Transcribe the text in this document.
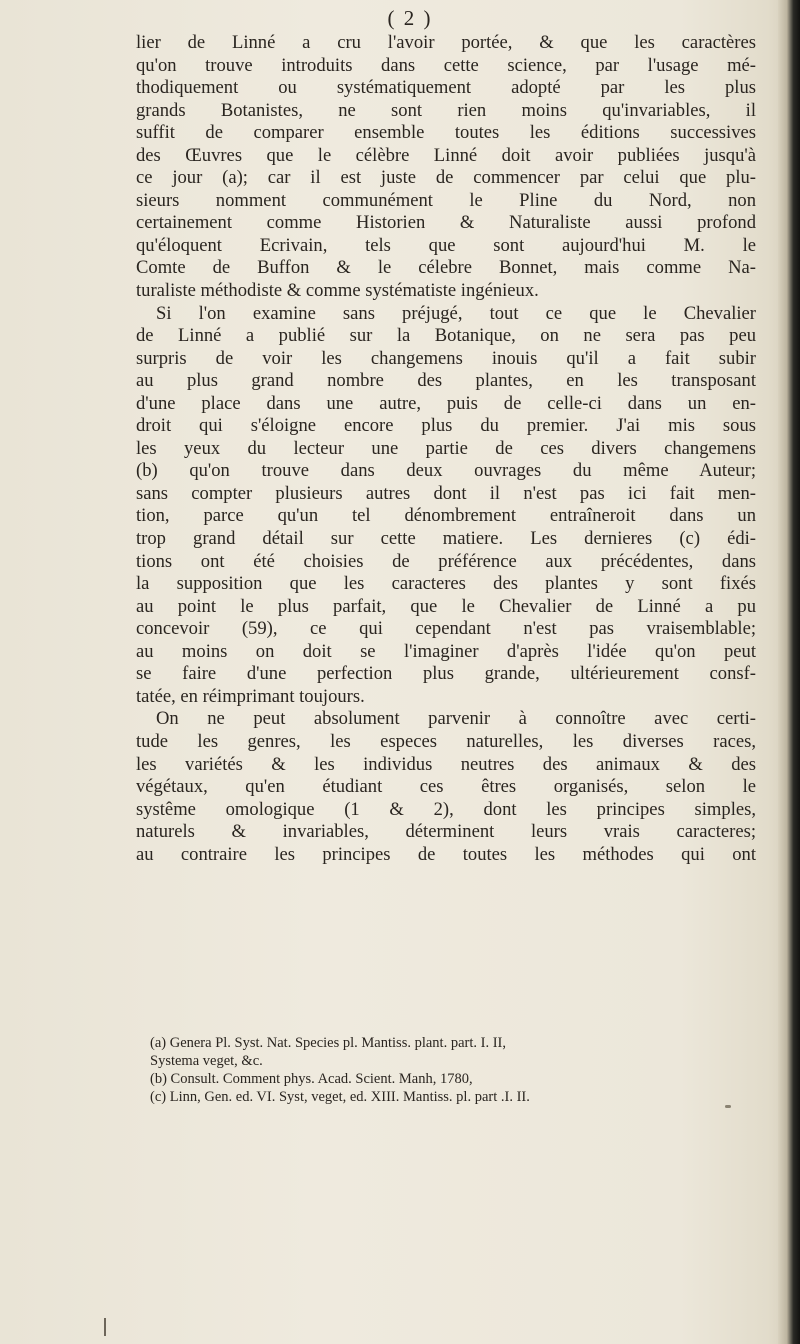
( 2 )
lier de Linné a cru l'avoir portée, & que les caractères
qu'on trouve introduits dans cette science, par l'usage mé-
thodiquement ou systématiquement adopté par les plus
grands Botanistes, ne sont rien moins qu'invariables, il
suffit de comparer ensemble toutes les éditions successives
des Œuvres que le célèbre Linné doit avoir publiées jusqu'à
ce jour (a); car il est juste de commencer par celui que plu-
sieurs nomment communément le Pline du Nord, non
certainement comme Historien & Naturaliste aussi profond
qu'éloquent Ecrivain, tels que sont aujourd'hui M. le
Comte de Buffon & le célebre Bonnet, mais comme Na-
turaliste méthodiste & comme systématiste ingénieux.
Si l'on examine sans préjugé, tout ce que le Chevalier
de Linné a publié sur la Botanique, on ne sera pas peu
surpris de voir les changemens inouis qu'il a fait subir
au plus grand nombre des plantes, en les transposant
d'une place dans une autre, puis de celle-ci dans un en-
droit qui s'éloigne encore plus du premier. J'ai mis sous
les yeux du lecteur une partie de ces divers changemens
(b) qu'on trouve dans deux ouvrages du même Auteur;
sans compter plusieurs autres dont il n'est pas ici fait men-
tion, parce qu'un tel dénombrement entraîneroit dans un
trop grand détail sur cette matiere. Les dernieres (c) édi-
tions ont été choisies de préférence aux précédentes, dans
la supposition que les caracteres des plantes y sont fixés
au point le plus parfait, que le Chevalier de Linné a pu
concevoir (59), ce qui cependant n'est pas vraisemblable;
au moins on doit se l'imaginer d'après l'idée qu'on peut
se faire d'une perfection plus grande, ultérieurement consf-
tatée, en réimprimant toujours.
On ne peut absolument parvenir à connoître avec certi-
tude les genres, les especes naturelles, les diverses races,
les variétés & les individus neutres des animaux & des
végétaux, qu'en étudiant ces êtres organisés, selon le
systême omologique (1 & 2), dont les principes simples,
naturels & invariables, déterminent leurs vrais caracteres;
au contraire les principes de toutes les méthodes qui ont
(a) Genera Pl. Syst. Nat. Species pl. Mantiss. plant. part. I. II,
Systema veget, &c.
(b) Consult. Comment phys. Acad. Scient. Manh, 1780,
(c) Linn, Gen. ed. VI. Syst, veget, ed. XIII. Mantiss. pl. part .I. II.
